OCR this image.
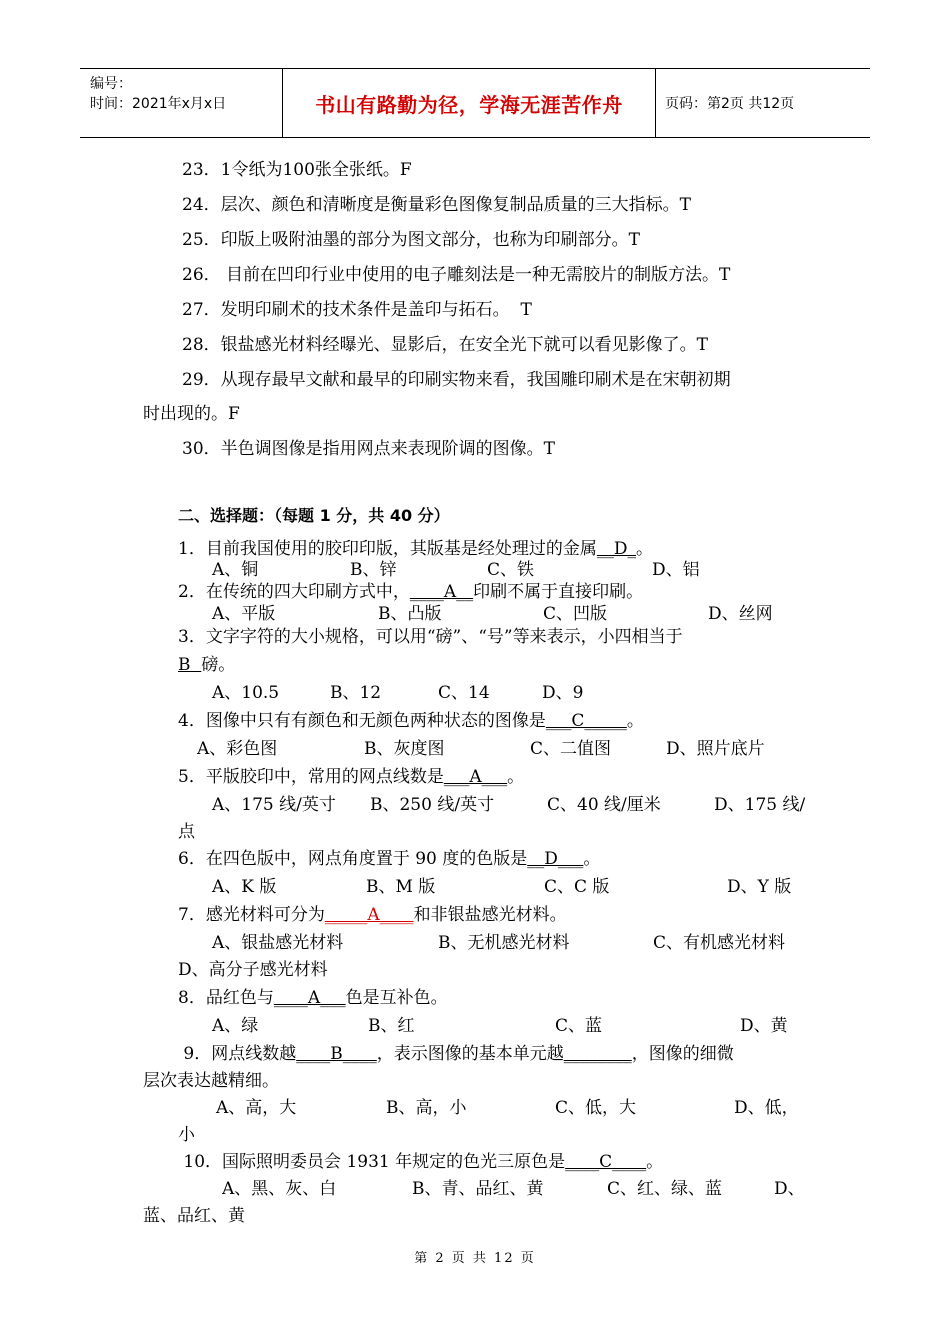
编号：
时间：2021年x月x日	书山有路勤为径，学海无涯苦作舟	页码：第2页 共12页
23．1令纸为100张全张纸。F
24．层次、颜色和清晰度是衡量彩色图像复制品质量的三大指标。T
25．印版上吸附油墨的部分为图文部分，也称为印刷部分。T
26． 目前在凹印行业中使用的电子雕刻法是一种无需胶片的制版方法。T
27．发明印刷术的技术条件是盖印与拓石。  T
28．银盐感光材料经曝光、显影后，在安全光下就可以看见影像了。T
29．从现存最早文献和最早的印刷实物来看，我国雕印刷术是在宋朝初期
时出现的。F
30．半色调图像是指用网点来表现阶调的图像。T
二、选择题：（每题 1 分，共 40 分）
1．目前我国使用的胶印印版，其版基是经处理过的金属__D_。
A、铜	B、锌	C、铁	D、铝
2．在传统的四大印刷方式中，____A__印刷不属于直接印刷。
A、平版	B、凸版	C、凹版	D、丝网
3．文字字符的大小规格，可以用“磅”、“号”等来表示，小四相当于
B  磅。
A、10.5	B、12	C、14	D、9
4．图像中只有有颜色和无颜色两种状态的图像是___C_____。
A、彩色图	B、灰度图	C、二值图	D、照片底片
5．平版胶印中，常用的网点线数是___A___。
A、175 线/英寸 B、250 线/英寸	C、40 线/厘米	D、175 线/
点
6．在四色版中，网点角度置于 90 度的色版是__D___。
A、K 版	B、M 版	C、C 版	D、Y 版
7．感光材料可分为_____A____和非银盐感光材料。
A、银盐感光材料	B、无机感光材料	C、有机感光材料
D、高分子感光材料
8．品红色与____A___色是互补色。
A、绿	B、红	C、蓝	D、黄
9．网点线数越____B____，表示图像的基本单元越________，图像的细微
层次表达越精细。
A、高，大	B、高，小	C、低，大	D、低，
小
10．国际照明委员会 1931 年规定的色光三原色是____C____。
A、黑、灰、白	B、青、品红、黄	C、红、绿、蓝	D、
蓝、品红、黄
第 2 页 共 12 页
